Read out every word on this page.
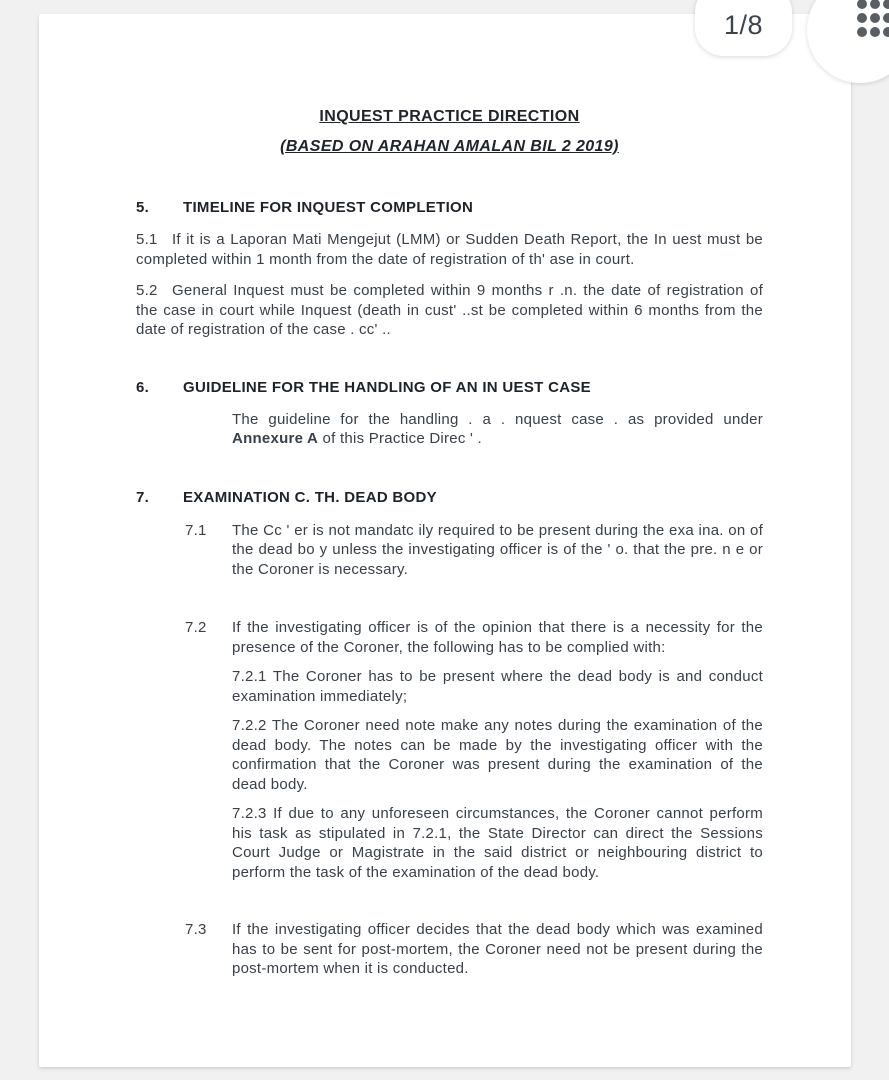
INQUEST PRACTICE DIRECTION
(BASED ON ARAHAN AMALAN BIL 2 2019)
5.	TIMELINE FOR INQUEST COMPLETION

5.1 If it is a Laporan Mati Mengejut (LMM) or Sudden Death Report, the In uest must be completed within 1 month from the date of registration of th' ase in court.

5.2 General Inquest must be completed within 9 months r .n. the date of registration of the case in court while Inquest (death in cust' ..st be completed within 6 months from the date of registration of the case . cc' ..

6.	GUIDELINE FOR THE HANDLING OF AN IN UEST CASE

The guideline for the handling . a . nquest case . as provided under Annexure A of this Practice Direc ' .

7.	EXAMINATION C. TH. DEAD BODY

7.1 The Cc ' er is not mandatc ily required to be present during the exa ina. on of the dead bo y unless the investigating officer is of the ' o. that the pre. n e or the Coroner is necessary.

7.2 If the investigating officer is of the opinion that there is a necessity for the presence of the Coroner, the following has to be complied with:

7.2.1 The Coroner has to be present where the dead body is and conduct examination immediately;

7.2.2 The Coroner need note make any notes during the examination of the dead body. The notes can be made by the investigating officer with the confirmation that the Coroner was present during the examination of the dead body.

7.2.3 If due to any unforeseen circumstances, the Coroner cannot perform his task as stipulated in 7.2.1, the State Director can direct the Sessions Court Judge or Magistrate in the said district or neighbouring district to perform the task of the examination of the dead body.

7.3 If the investigating officer decides that the dead body which was examined has to be sent for post-mortem, the Coroner need not be present during the post-mortem when it is conducted.

1/8
